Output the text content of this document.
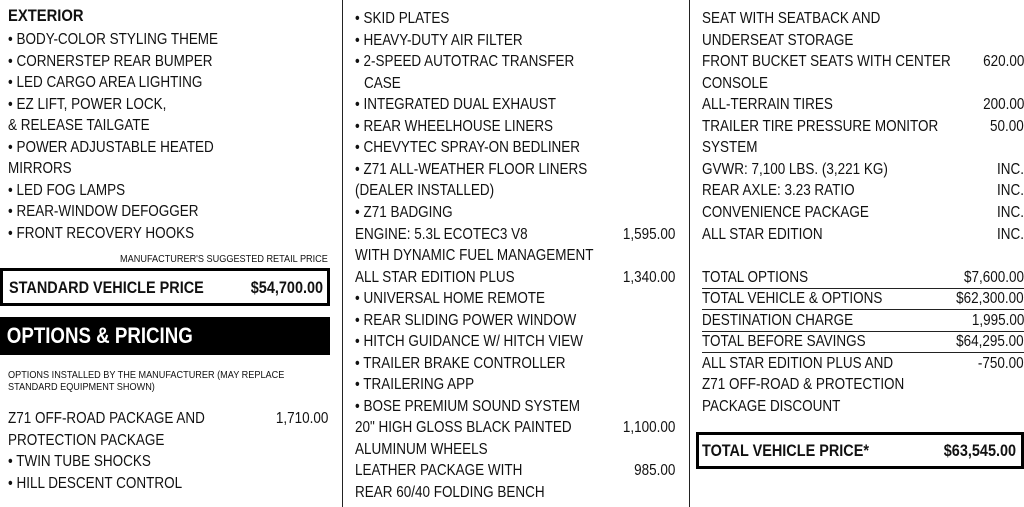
EXTERIOR
• BODY-COLOR STYLING THEME
• CORNERSTEP REAR BUMPER
• LED CARGO AREA LIGHTING
• EZ LIFT, POWER LOCK,
& RELEASE TAILGATE
• POWER ADJUSTABLE HEATED
MIRRORS
• LED FOG LAMPS
• REAR-WINDOW DEFOGGER
• FRONT RECOVERY HOOKS
MANUFACTURER'S SUGGESTED RETAIL PRICE
STANDARD VEHICLE PRICE	$54,700.00
OPTIONS & PRICING
OPTIONS INSTALLED BY THE MANUFACTURER (MAY REPLACE
STANDARD EQUIPMENT SHOWN)
Z71 OFF-ROAD PACKAGE AND	1,710.00
PROTECTION PACKAGE
• TWIN TUBE SHOCKS
• HILL DESCENT CONTROL
• SKID PLATES
• HEAVY-DUTY AIR FILTER
• 2-SPEED AUTOTRAC TRANSFER
CASE
• INTEGRATED DUAL EXHAUST
• REAR WHEELHOUSE LINERS
• CHEVYTEC SPRAY-ON BEDLINER
• Z71 ALL-WEATHER FLOOR LINERS
(DEALER INSTALLED)
• Z71 BADGING
ENGINE: 5.3L ECOTEC3 V8	1,595.00
WITH DYNAMIC FUEL MANAGEMENT
ALL STAR EDITION PLUS	1,340.00
• UNIVERSAL HOME REMOTE
• REAR SLIDING POWER WINDOW
• HITCH GUIDANCE W/ HITCH VIEW
• TRAILER BRAKE CONTROLLER
• TRAILERING APP
• BOSE PREMIUM SOUND SYSTEM
20" HIGH GLOSS BLACK PAINTED	1,100.00
ALUMINUM WHEELS
LEATHER PACKAGE WITH	985.00
REAR 60/40 FOLDING BENCH
SEAT WITH SEATBACK AND
UNDERSEAT STORAGE
FRONT BUCKET SEATS WITH CENTER 620.00
CONSOLE
ALL-TERRAIN TIRES	200.00
TRAILER TIRE PRESSURE MONITOR	50.00
SYSTEM
GVWR: 7,100 LBS. (3,221 KG)	INC.
REAR AXLE: 3.23 RATIO	INC.
CONVENIENCE PACKAGE	INC.
ALL STAR EDITION	INC.
TOTAL OPTIONS	$7,600.00
TOTAL VEHICLE & OPTIONS	$62,300.00
DESTINATION CHARGE	1,995.00
TOTAL BEFORE SAVINGS	$64,295.00
ALL STAR EDITION PLUS AND	-750.00
Z71 OFF-ROAD & PROTECTION
PACKAGE DISCOUNT
TOTAL VEHICLE PRICE*	$63,545.00
